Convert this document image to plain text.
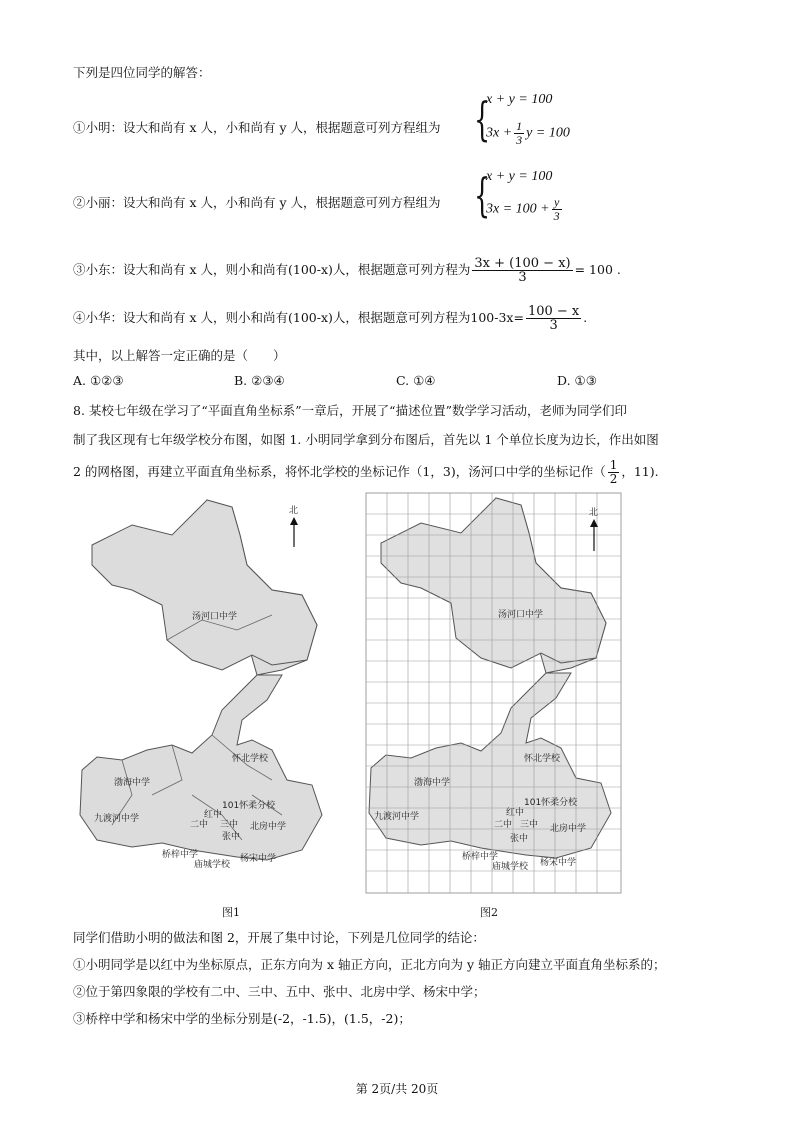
下列是四位同学的解答：
①小明：设大和尚有 x 人，小和尚有 y 人，根据题意可列方程组为 {
x + y = 100
$3x + \frac{1}{3}$ y = 100
②小丽：设大和尚有 x 人，小和尚有 y 人，根据题意可列方程组为 {
x + y = 100
$3x = 100 + \frac{y}{3}$
③小东：设大和尚有 x 人，则小和尚有(100-x)人，根据题意可列方程为 $\frac{3x + (100 - x)}{3} = 100$ .
④小华：设大和尚有 x 人，则小和尚有(100-x)人，根据题意可列方程为$100-3x= \frac{100 - x}{3}$ .
其中，以上解答一定正确的是（　　）
A. ①②③	B. ②③④	C. ①④	D. ①③
8. 某校七年级在学习了“平面直角坐标系”一章后，开展了“描述位置”数学学习活动，老师为同学们印
制了我区现有七年级学校分布图，如图 1. 小明同学拿到分布图后，首先以 1 个单位长度为边长，作出如图
2 的网格图，再建立平面直角坐标系，将怀北学校的坐标记作（1，3)，汤河口中学的坐标记作（ $\frac{1}{2}$ ，11).
汤河口中学
怀北学校
渤海中学
101怀柔分校
九渡河中学	红中
二中 三中
张中
北房中学
桥梓中学
庙城学校
杨宋中学
北
汤河口中学
怀北学校
渤海中学
101怀柔分校
九渡河中学	红中
二中 三中
张中
北房中学
桥梓中学
庙城学校 杨宋中学
北
图1	图2
同学们借助小明的做法和图 2，开展了集中讨论，下列是几位同学的结论：
①小明同学是以红中为坐标原点，正东方向为 x 轴正方向，正北方向为 y 轴正方向建立平面直角坐标系的；
②位于第四象限的学校有二中、三中、五中、张中、北房中学、杨宋中学；
③桥梓中学和杨宋中学的坐标分别是(-2，-1.5)，(1.5，-2)；
第 2页/共 20页
